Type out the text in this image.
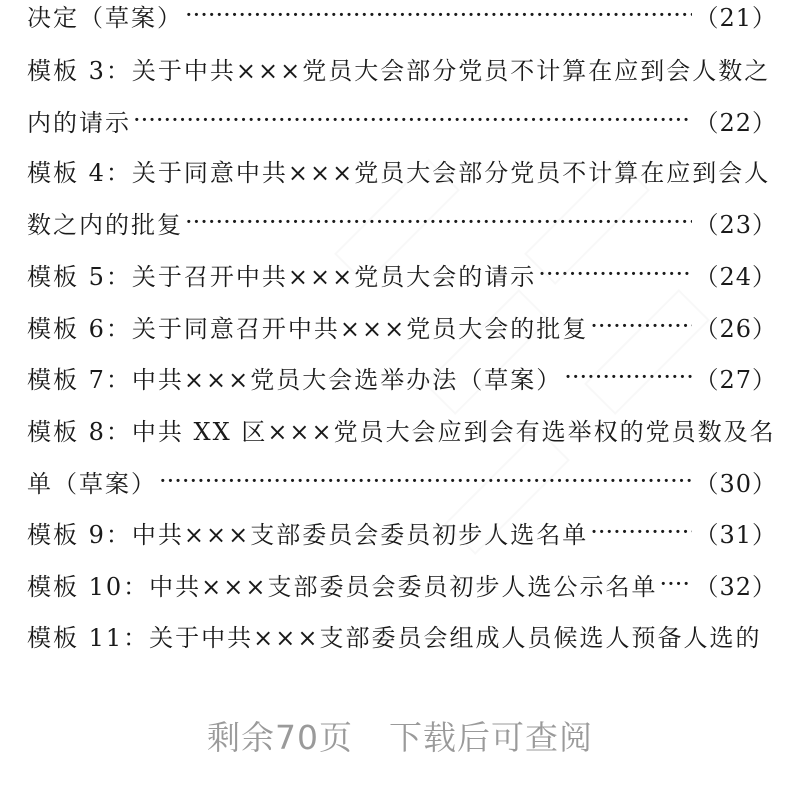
决定（草案） ·····	（21）
模板 3：关于中共×××党员大会部分党员不计算在应到会人数之
内的请示 ·····	（22）
模板 4：关于同意中共×××党员大会部分党员不计算在应到会人
数之内的批复 ·····	（23）
模板 5：关于召开中共×××党员大会的请示 ·····	（24）
模板 6：关于同意召开中共×××党员大会的批复 ·····	（26）
模板 7：中共×××党员大会选举办法（草案） ·····	（27）
模板 8：中共 XX 区×××党员大会应到会有选举权的党员数及名
单（草案） ·····	（30）
模板 9：中共×××支部委员会委员初步人选名单 ·····	（31）
模板 10：中共×××支部委员会委员初步人选公示名单 ····· （32）
模板 11：关于中共×××支部委员会组成人员候选人预备人选的
剩余70页 下载后可查阅
